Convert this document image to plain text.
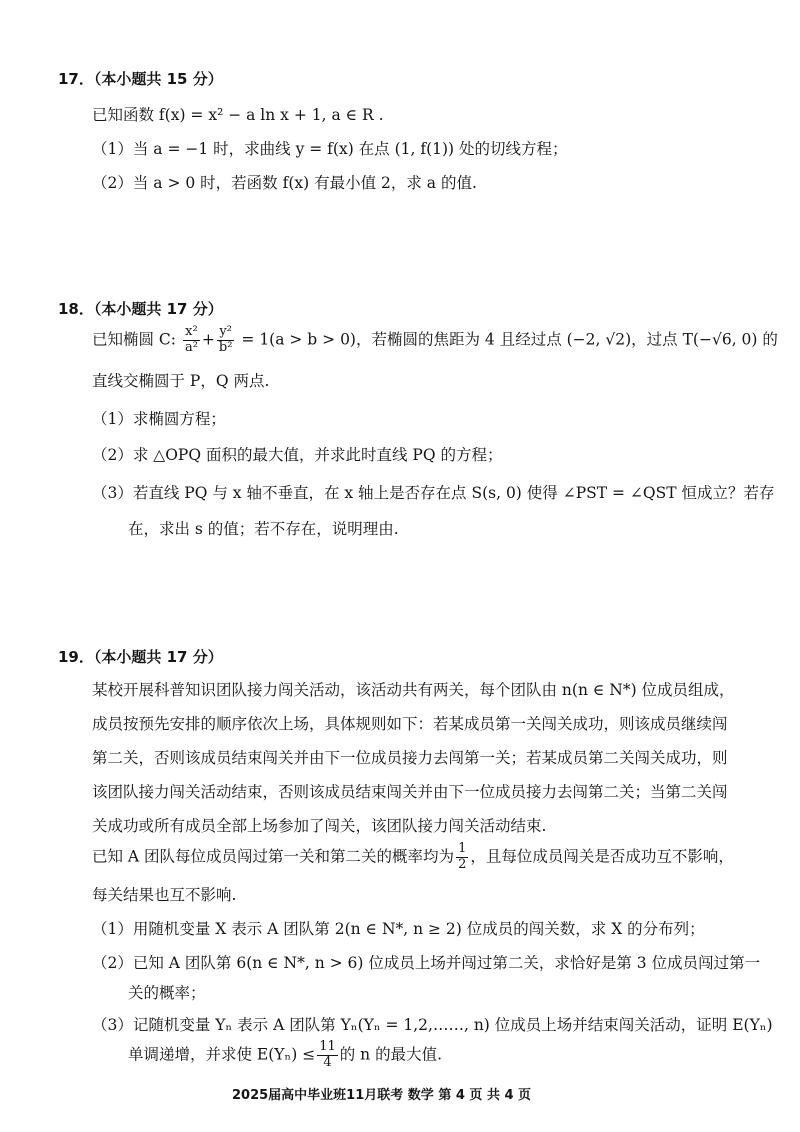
17．（本小题共 15 分）
已知函数 f(x) = x² − a ln x + 1, a ∈ R .
（1）当 a = −1 时，求曲线 y = f(x) 在点 (1, f(1)) 处的切线方程；
（2）当 a > 0 时，若函数 f(x) 有最小值 2，求 a 的值.
18．（本小题共 17 分）
已知椭圆 C: $\frac{\text{x²}}{\text{a²}} + \frac{\text{y²}}{\text{b²}} = 1(a > b > 0)$，若椭圆的焦距为 4 且经过点 (−2, √2)，过点 T(−√6, 0) 的
直线交椭圆于 P，Q 两点.
（1）求椭圆方程；
（2）求 △OPQ 面积的最大值，并求此时直线 PQ 的方程；
（3）若直线 PQ 与 x 轴不垂直，在 x 轴上是否存在点 S(s, 0) 使得 ∠PST = ∠QST 恒成立？若存
在，求出 s 的值；若不存在，说明理由.
19．（本小题共 17 分）
某校开展科普知识团队接力闯关活动，该活动共有两关，每个团队由 n(n ∈ N*) 位成员组成，
成员按预先安排的顺序依次上场，具体规则如下：若某成员第一关闯关成功，则该成员继续闯
第二关，否则该成员结束闯关并由下一位成员接力去闯第一关；若某成员第二关闯关成功，则
该团队接力闯关活动结束，否则该成员结束闯关并由下一位成员接力去闯第二关；当第二关闯
关成功或所有成员全部上场参加了闯关，该团队接力闯关活动结束.
已知 A 团队每位成员闯过第一关和第二关的概率均为 $\frac{1}{2}$ ，且每位成员闯关是否成功互不影响，
每关结果也互不影响.
（1）用随机变量 X 表示 A 团队第 2(n ∈ N*, n ≥ 2) 位成员的闯关数，求 X 的分布列；
（2）已知 A 团队第 6(n ∈ N*, n > 6) 位成员上场并闯过第二关，求恰好是第 3 位成员闯过第一
关的概率；
（3）记随机变量 Yₙ 表示 A 团队第 Yₙ(Yₙ = 1,2,……, n) 位成员上场并结束闯关活动，证明 E(Yₙ)
单调递增，并求使 $E(Y_n) \le \frac{11}{4}$ 的 n 的最大值.
2025届高中毕业班11月联考 数学 第 4 页 共 4 页
